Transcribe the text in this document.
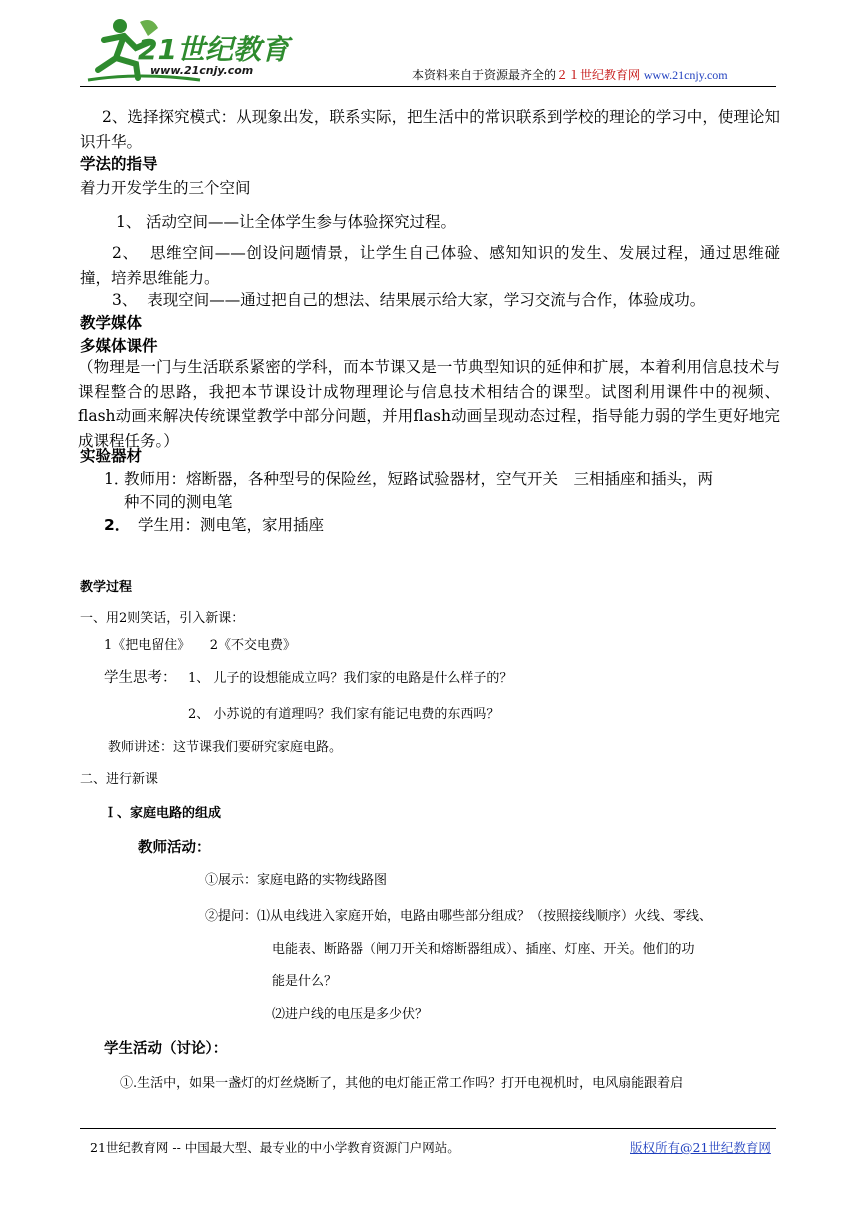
21世纪教育
www.21cnjy.com	本资料来自于资源最齐全的２１世纪教育网 www.21cnjy.com
2、选择探究模式：从现象出发，联系实际，把生活中的常识联系到学校的理论的学习中，使理论知识升华。
学法的指导
着力开发学生的三个空间
1、 活动空间——让全体学生参与体验探究过程。
2、 思维空间——创设问题情景，让学生自己体验、感知知识的发生、发展过程，通过思维碰撞，培养思维能力。
3、 表现空间——通过把自己的想法、结果展示给大家，学习交流与合作，体验成功。
教学媒体
多媒体课件
（物理是一门与生活联系紧密的学科，而本节课又是一节典型知识的延伸和扩展，本着利用信息技术与课程整合的思路，我把本节课设计成物理理论与信息技术相结合的课型。试图利用课件中的视频、flash动画来解决传统课堂教学中部分问题，并用flash动画呈现动态过程，指导能力弱的学生更好地完成课程任务。）
实验器材
1．
教师用：熔断器，各种型号的保险丝，短路试验器材，空气开关　三相插座和插头，两
种不同的测电笔
2． 学生用：测电笔，家用插座
教学过程
一、用2则笑话，引入新课：
1《把电留住》　　2《不交电费》
学生思考： 1、 儿子的设想能成立吗？我们家的电路是什么样子的？
2、 小苏说的有道理吗？我们家有能记电费的东西吗？
教师讲述：这节课我们要研究家庭电路。
二、进行新课
Ｉ、家庭电路的组成
教师活动：
①展示：家庭电路的实物线路图
②提问：⑴从电线进入家庭开始，电路由哪些部分组成？（按照接线顺序）火线、零线、
电能表、断路器（闸刀开关和熔断器组成）、插座、灯座、开关。他们的功
能是什么？
⑵进户线的电压是多少伏？
学生活动（讨论）：
①.生活中，如果一盏灯的灯丝烧断了，其他的电灯能正常工作吗？打开电视机时，电风扇能跟着启
21世纪教育网 -- 中国最大型、最专业的中小学教育资源门户网站。	版权所有@21世纪教育网
